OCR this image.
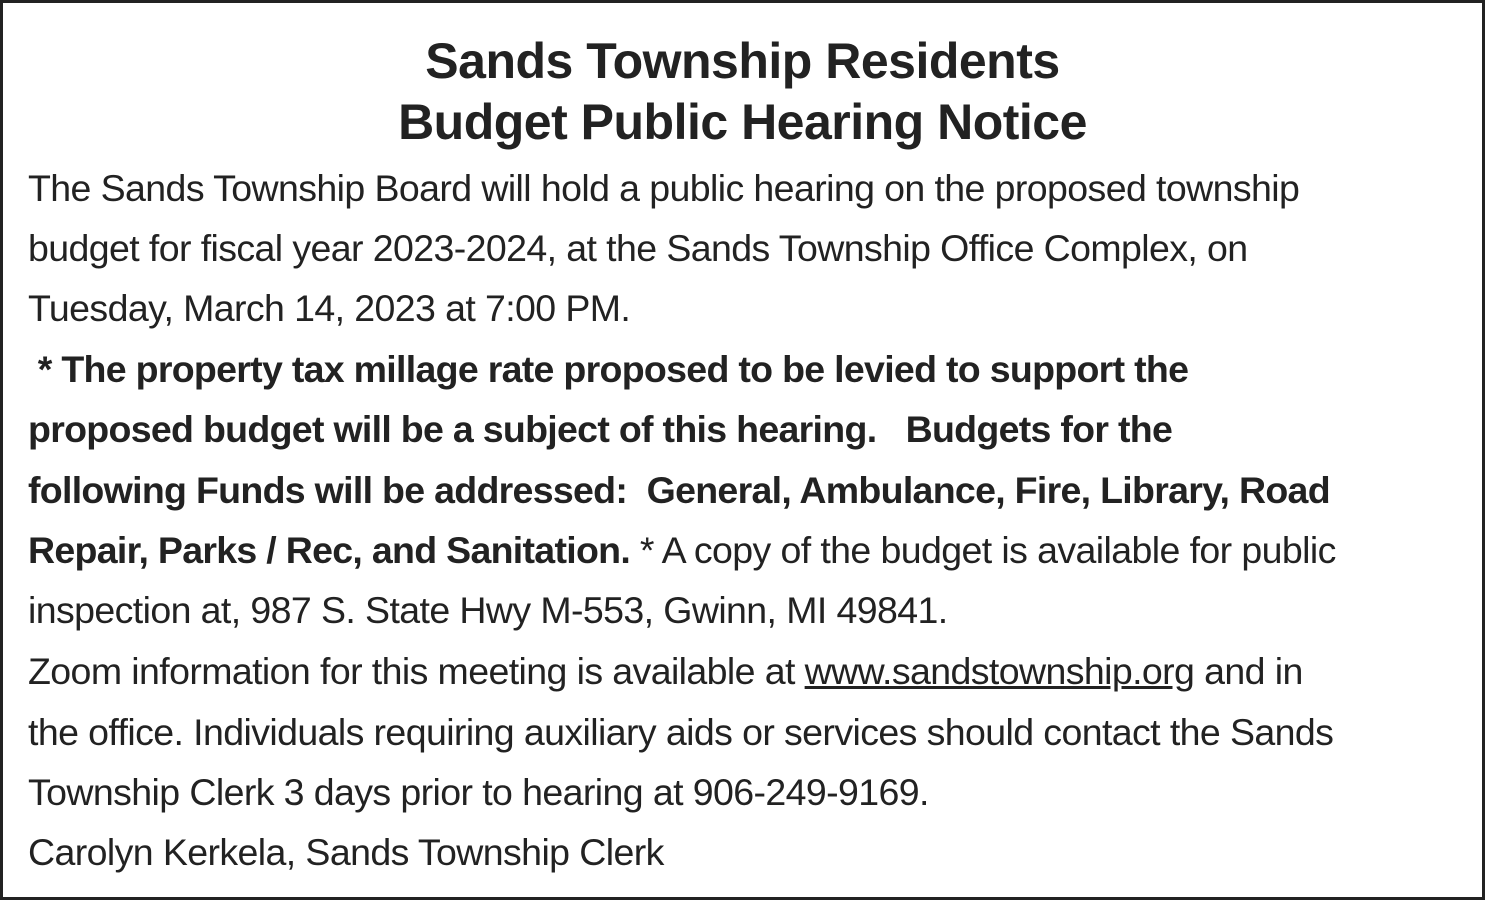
Sands Township Residents
Budget Public Hearing Notice
The Sands Township Board will hold a public hearing on the proposed township
budget for fiscal year 2023-2024, at the Sands Township Office Complex, on
Tuesday, March 14, 2023 at 7:00 PM.
* The property tax millage rate proposed to be levied to support the
proposed budget will be a subject of this hearing.   Budgets for the
following Funds will be addressed:  General, Ambulance, Fire, Library, Road
Repair, Parks / Rec, and Sanitation. * A copy of the budget is available for public
inspection at, 987 S. State Hwy M-553, Gwinn, MI 49841.
Zoom information for this meeting is available at www.sandstownship.org and in
the office. Individuals requiring auxiliary aids or services should contact the Sands
Township Clerk 3 days prior to hearing at 906-249-9169.
Carolyn Kerkela, Sands Township Clerk
